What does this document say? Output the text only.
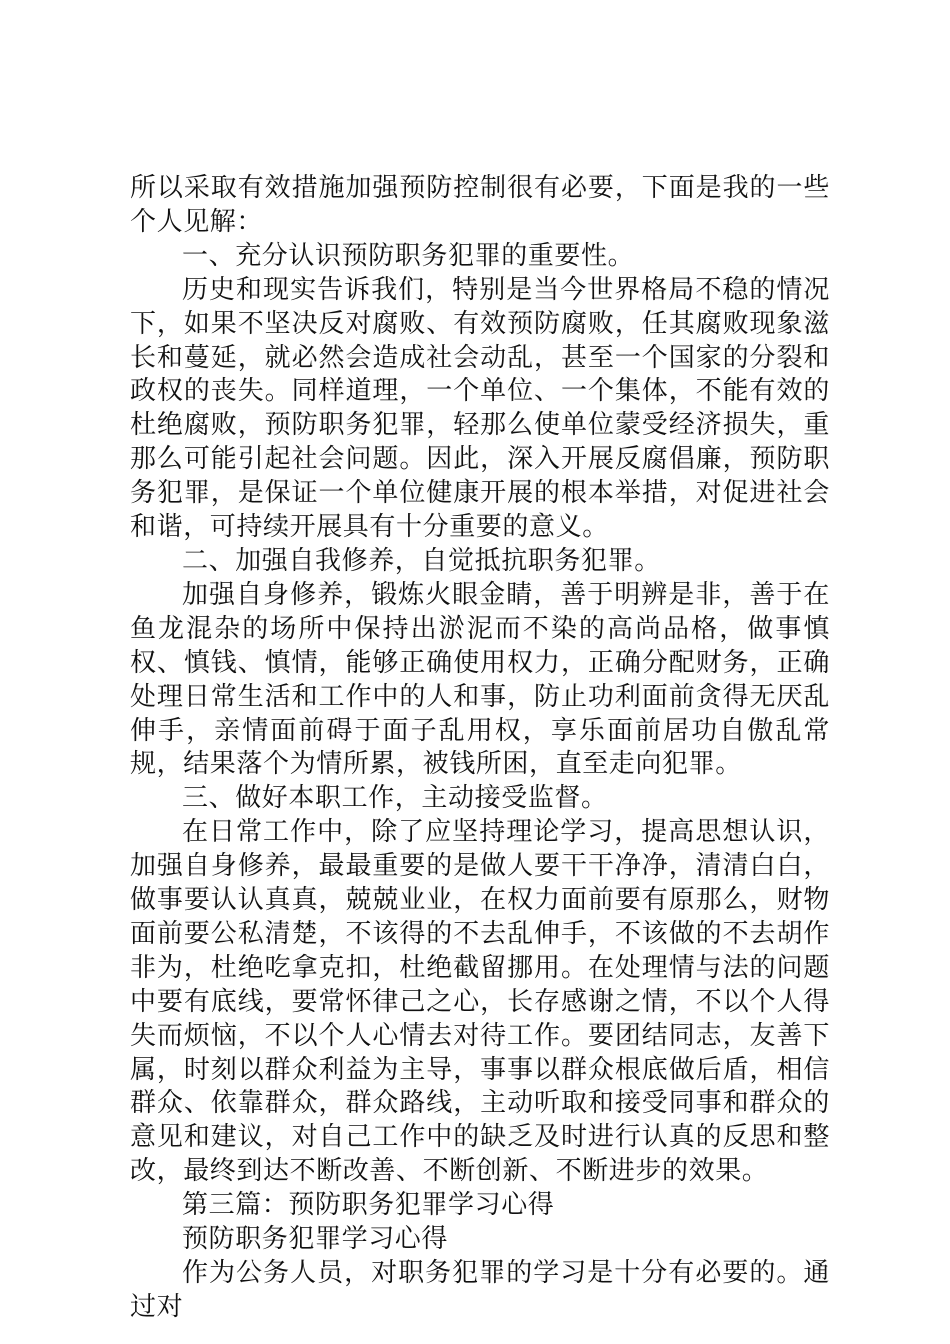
所以采取有效措施加强预防控制很有必要，下面是我的一些个人见解：

一、充分认识预防职务犯罪的重要性。

历史和现实告诉我们，特别是当今世界格局不稳的情况下，如果不坚决反对腐败、有效预防腐败，任其腐败现象滋长和蔓延，就必然会造成社会动乱，甚至一个国家的分裂和政权的丧失。同样道理，一个单位、一个集体，不能有效的杜绝腐败，预防职务犯罪，轻那么使单位蒙受经济损失，重那么可能引起社会问题。因此，深入开展反腐倡廉，预防职务犯罪，是保证一个单位健康开展的根本举措，对促进社会和谐，可持续开展具有十分重要的意义。

二、加强自我修养，自觉抵抗职务犯罪。

加强自身修养，锻炼火眼金睛，善于明辨是非，善于在鱼龙混杂的场所中保持出淤泥而不染的高尚品格，做事慎权、慎钱、慎情，能够正确使用权力，正确分配财务，正确处理日常生活和工作中的人和事，防止功利面前贪得无厌乱伸手，亲情面前碍于面子乱用权，享乐面前居功自傲乱常规，结果落个为情所累，被钱所困，直至走向犯罪。

三、做好本职工作，主动接受监督。

在日常工作中，除了应坚持理论学习，提高思想认识，加强自身修养，最最重要的是做人要干干净净，清清白白，做事要认认真真，兢兢业业，在权力面前要有原那么，财物面前要公私清楚，不该得的不去乱伸手，不该做的不去胡作非为，杜绝吃拿克扣，杜绝截留挪用。在处理情与法的问题中要有底线，要常怀律己之心，长存感谢之情，不以个人得失而烦恼，不以个人心情去对待工作。要团结同志，友善下属，时刻以群众利益为主导，事事以群众根底做后盾，相信群众、依靠群众，群众路线，主动听取和接受同事和群众的意见和建议，对自己工作中的缺乏及时进行认真的反思和整改，最终到达不断改善、不断创新、不断进步的效果。

第三篇：预防职务犯罪学习心得

预防职务犯罪学习心得

作为公务人员，对职务犯罪的学习是十分有必要的。通过对
